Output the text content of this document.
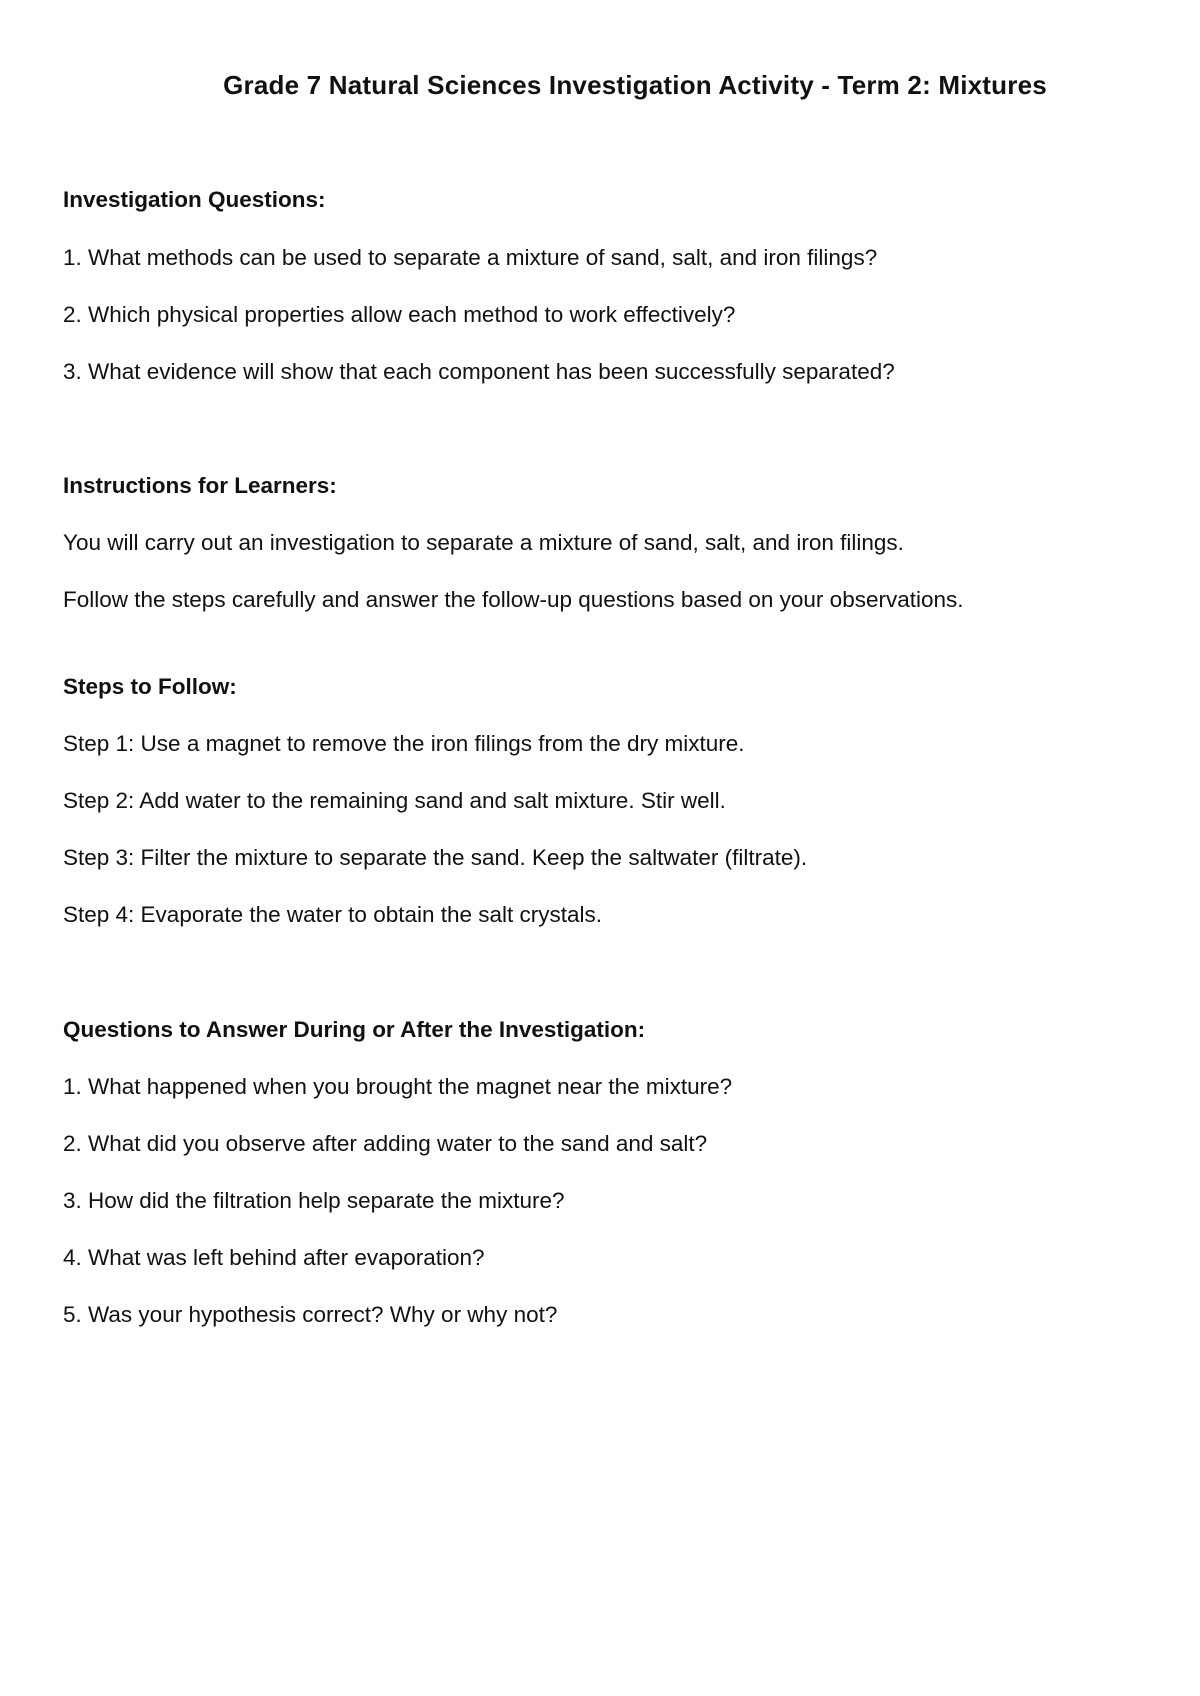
Grade 7 Natural Sciences Investigation Activity - Term 2: Mixtures
Investigation Questions:
1. What methods can be used to separate a mixture of sand, salt, and iron filings?
2. Which physical properties allow each method to work effectively?
3. What evidence will show that each component has been successfully separated?
Instructions for Learners:
You will carry out an investigation to separate a mixture of sand, salt, and iron filings.
Follow the steps carefully and answer the follow-up questions based on your observations.
Steps to Follow:
Step 1: Use a magnet to remove the iron filings from the dry mixture.
Step 2: Add water to the remaining sand and salt mixture. Stir well.
Step 3: Filter the mixture to separate the sand. Keep the saltwater (filtrate).
Step 4: Evaporate the water to obtain the salt crystals.
Questions to Answer During or After the Investigation:
1. What happened when you brought the magnet near the mixture?
2. What did you observe after adding water to the sand and salt?
3. How did the filtration help separate the mixture?
4. What was left behind after evaporation?
5. Was your hypothesis correct? Why or why not?
